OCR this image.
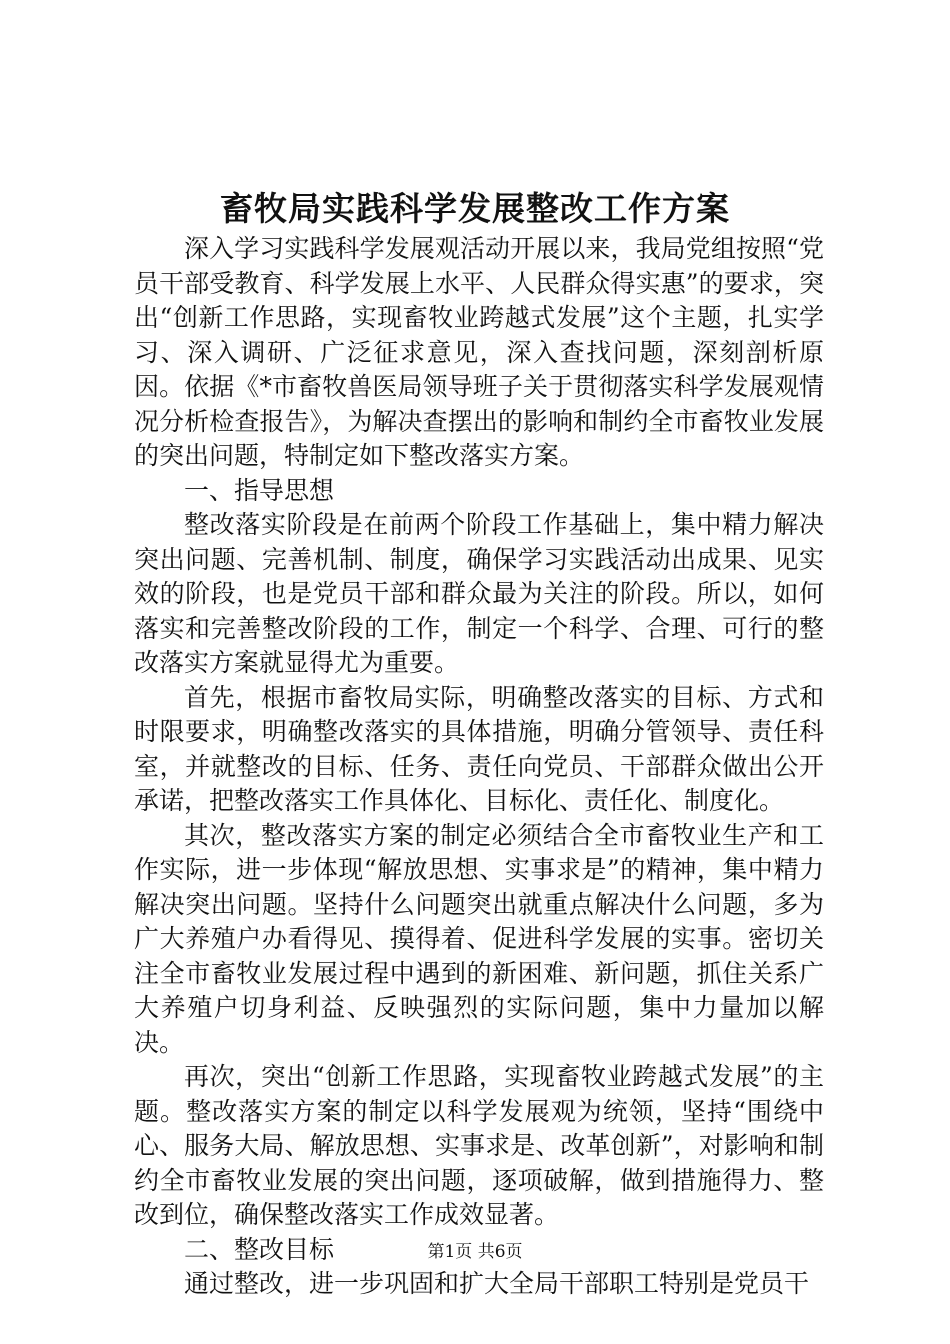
畜牧局实践科学发展整改工作方案

深入学习实践科学发展观活动开展以来，我局党组按照“党员干部受教育、科学发展上水平、人民群众得实惠”的要求，突出“创新工作思路，实现畜牧业跨越式发展”这个主题，扎实学习、深入调研、广泛征求意见，深入查找问题，深刻剖析原因。依据《*市畜牧兽医局领导班子关于贯彻落实科学发展观情况分析检查报告》，为解决查摆出的影响和制约全市畜牧业发展的突出问题，特制定如下整改落实方案。

一、指导思想

整改落实阶段是在前两个阶段工作基础上，集中精力解决突出问题、完善机制、制度，确保学习实践活动出成果、见实效的阶段，也是党员干部和群众最为关注的阶段。所以，如何落实和完善整改阶段的工作，制定一个科学、合理、可行的整改落实方案就显得尤为重要。

首先，根据市畜牧局实际，明确整改落实的目标、方式和时限要求，明确整改落实的具体措施，明确分管领导、责任科室，并就整改的目标、任务、责任向党员、干部群众做出公开承诺，把整改落实工作具体化、目标化、责任化、制度化。

其次，整改落实方案的制定必须结合全市畜牧业生产和工作实际，进一步体现“解放思想、实事求是”的精神，集中精力解决突出问题。坚持什么问题突出就重点解决什么问题，多为广大养殖户办看得见、摸得着、促进科学发展的实事。密切关注全市畜牧业发展过程中遇到的新困难、新问题，抓住关系广大养殖户切身利益、反映强烈的实际问题，集中力量加以解决。

再次，突出“创新工作思路，实现畜牧业跨越式发展”的主题。整改落实方案的制定以科学发展观为统领，坚持“围绕中心、服务大局、解放思想、实事求是、改革创新”，对影响和制约全市畜牧业发展的突出问题，逐项破解，做到措施得力、整改到位，确保整改落实工作成效显著。

二、整改目标

通过整改，进一步巩固和扩大全局干部职工特别是党员干

第1页 共6页
